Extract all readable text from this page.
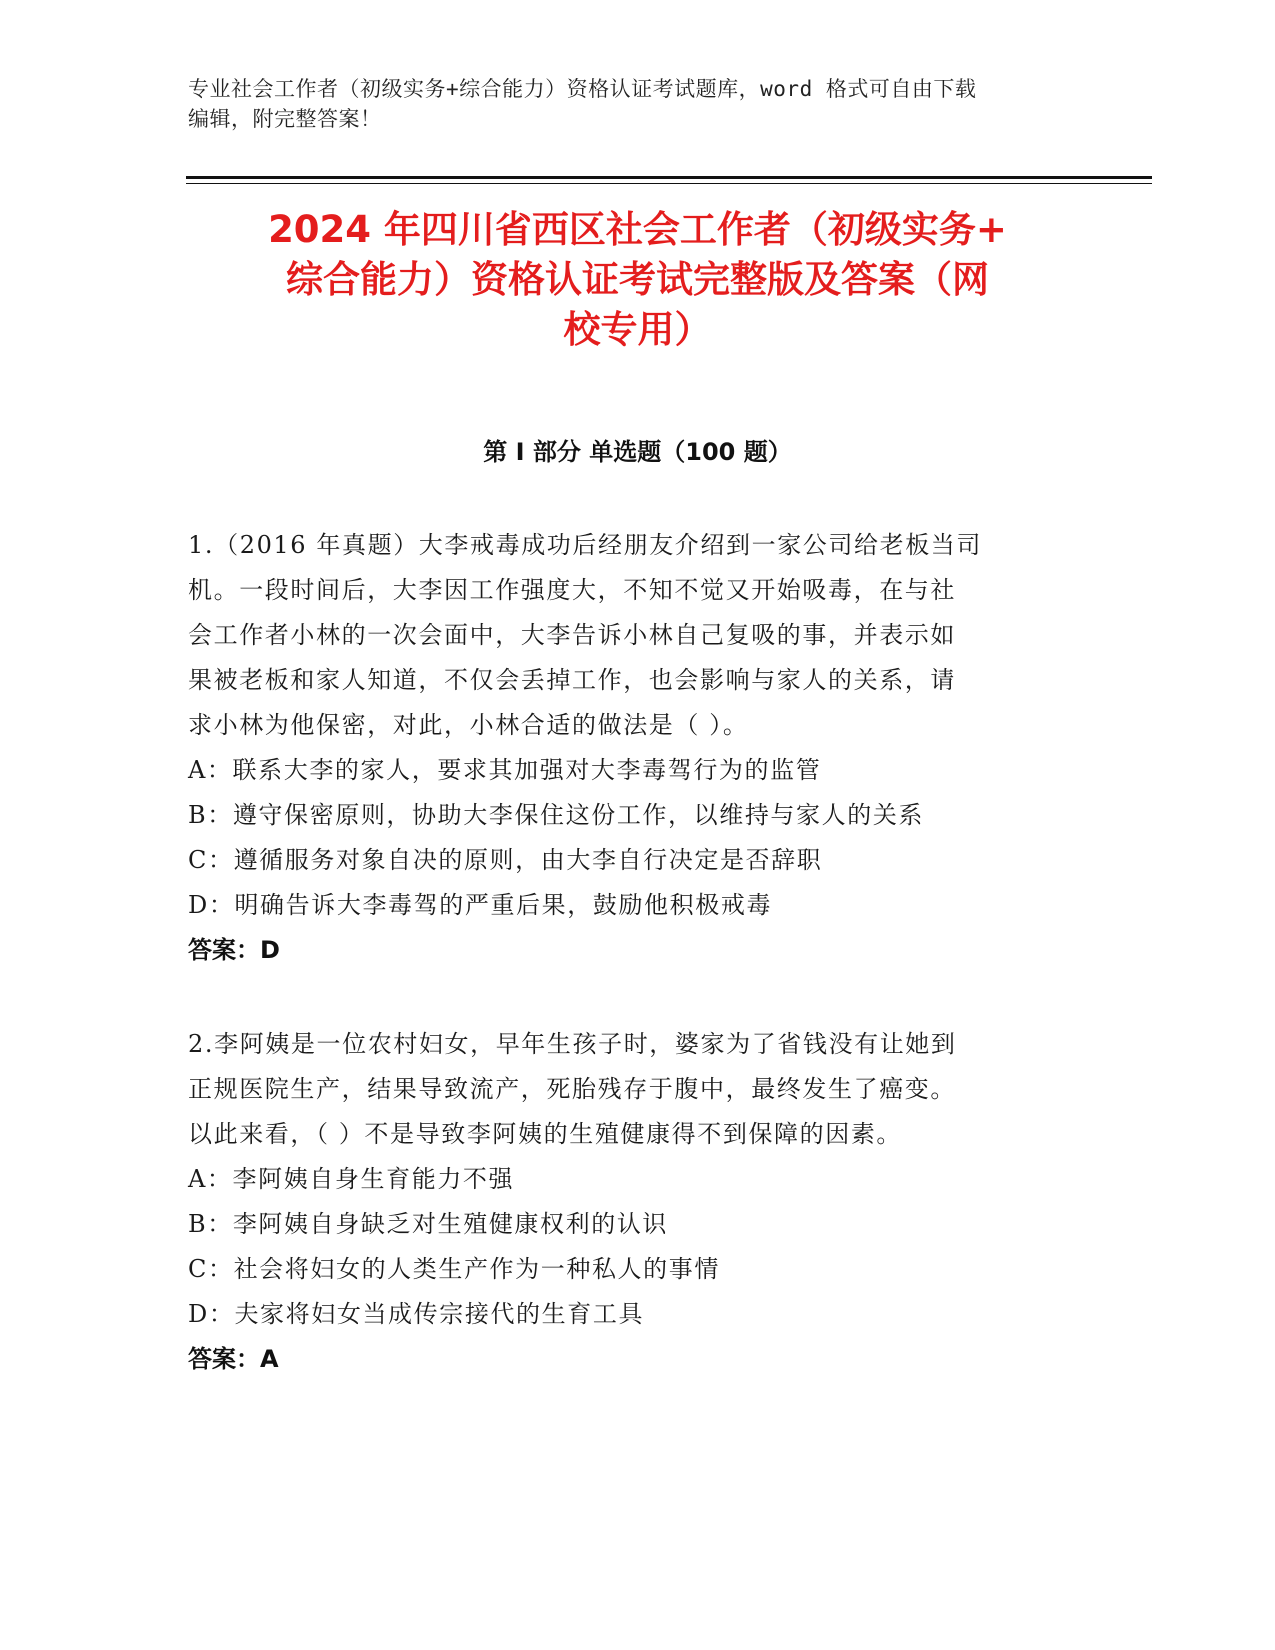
专业社会工作者（初级实务+综合能力）资格认证考试题库，word 格式可自由下载
编辑，附完整答案！
2024 年四川省西区社会工作者（初级实务+
综合能力）资格认证考试完整版及答案（网
校专用）
第 I 部分 单选题（100 题）
1.（2016 年真题）大李戒毒成功后经朋友介绍到一家公司给老板当司
机。一段时间后，大李因工作强度大，不知不觉又开始吸毒，在与社
会工作者小林的一次会面中，大李告诉小林自己复吸的事，并表示如
果被老板和家人知道，不仅会丢掉工作，也会影响与家人的关系，请
求小林为他保密，对此，小林合适的做法是（ ）。
A：联系大李的家人，要求其加强对大李毒驾行为的监管
B：遵守保密原则，协助大李保住这份工作，以维持与家人的关系
C：遵循服务对象自决的原则，由大李自行决定是否辞职
D：明确告诉大李毒驾的严重后果，鼓励他积极戒毒
答案：D
2.李阿姨是一位农村妇女，早年生孩子时，婆家为了省钱没有让她到
正规医院生产，结果导致流产，死胎残存于腹中，最终发生了癌变。
以此来看，（ ）不是导致李阿姨的生殖健康得不到保障的因素。
A：李阿姨自身生育能力不强
B：李阿姨自身缺乏对生殖健康权利的认识
C：社会将妇女的人类生产作为一种私人的事情
D：夫家将妇女当成传宗接代的生育工具
答案：A
